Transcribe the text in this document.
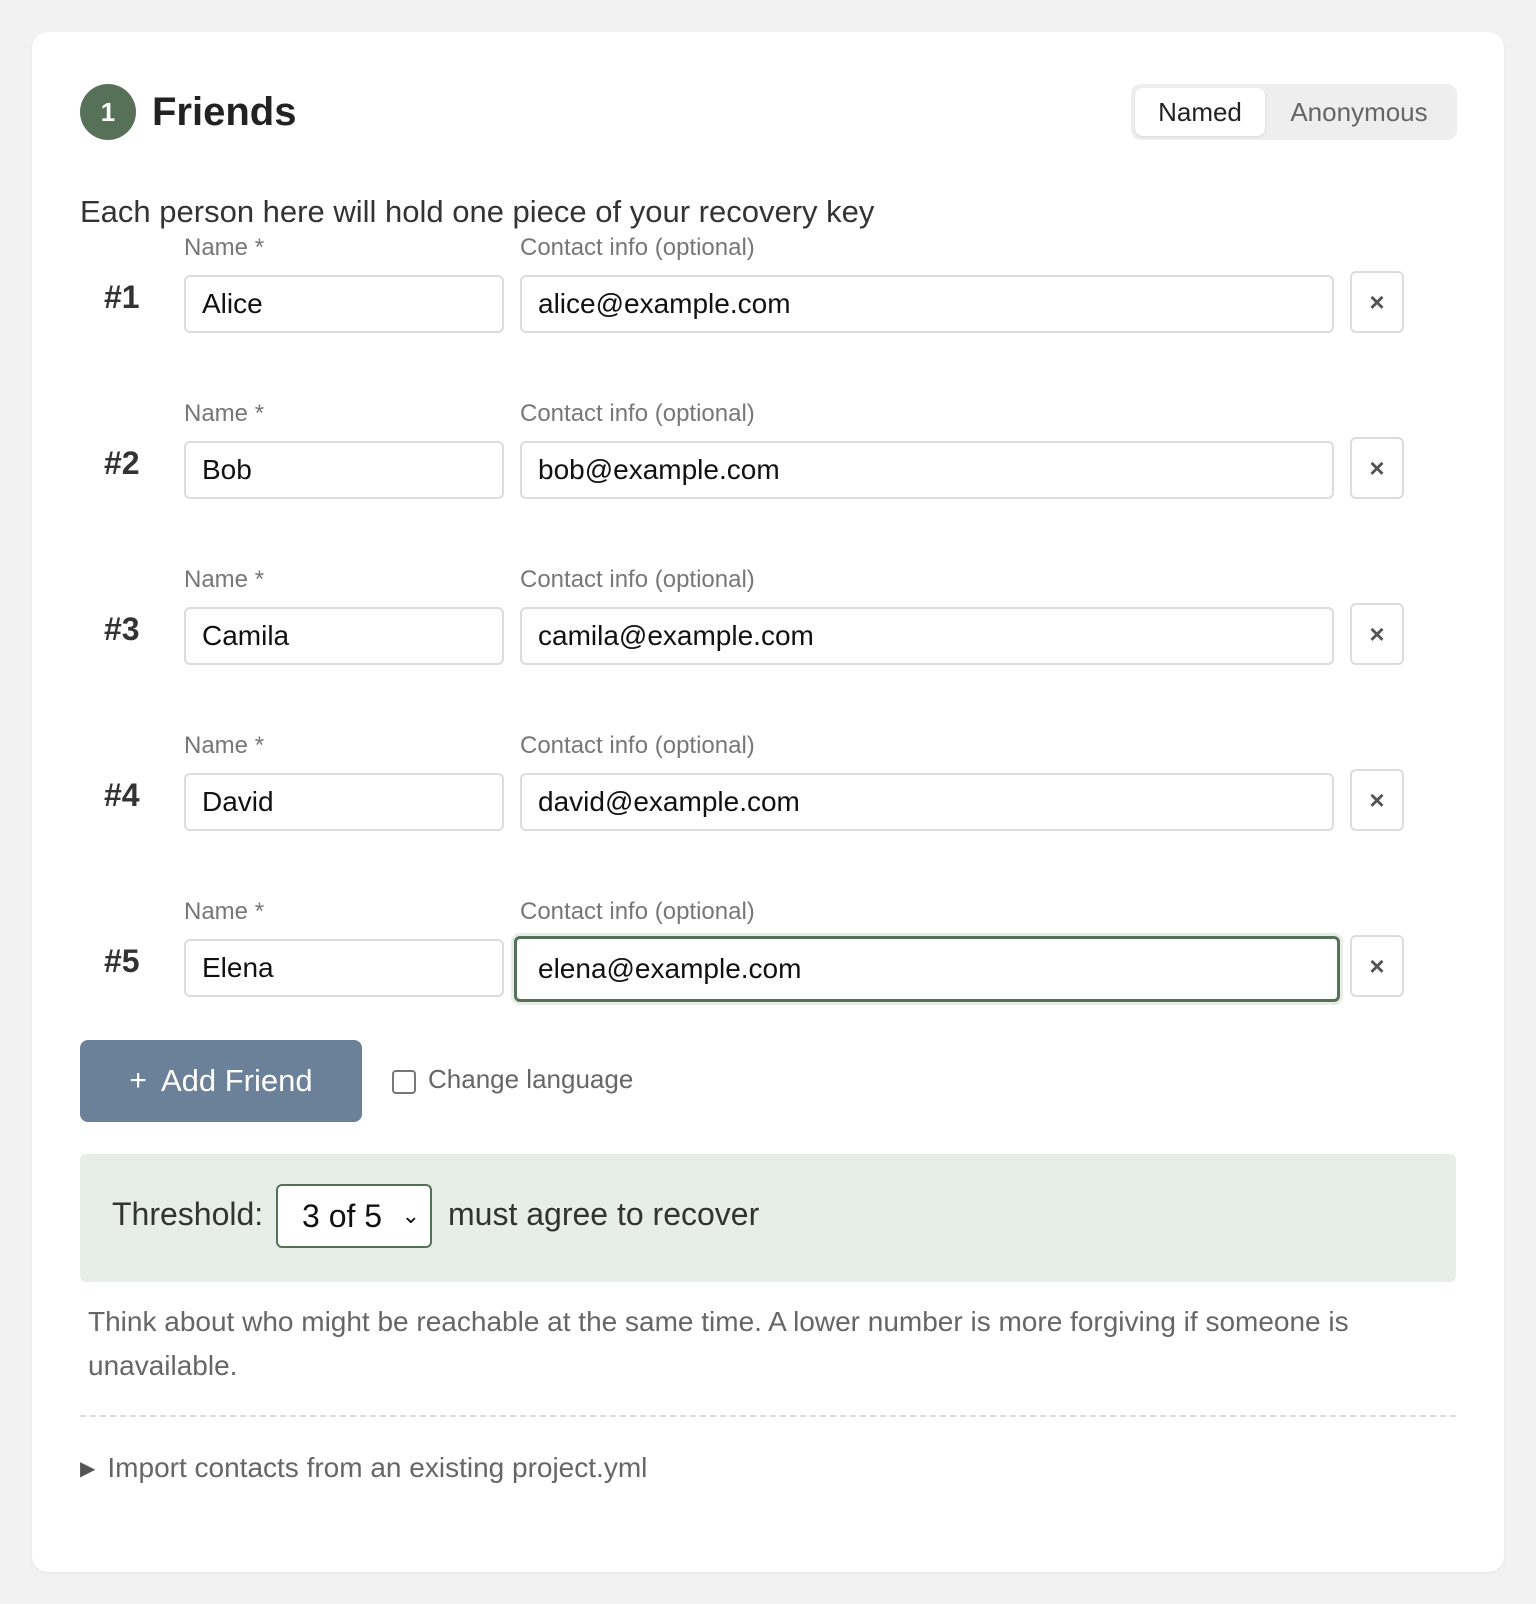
1 Friends	Named	Anonymous
Each person here will hold one piece of your recovery key
#1
Name *	Contact info (optional)
Alice	alice@example.com	×
#2
Name *	Contact info (optional)
Bob	bob@example.com	×
#3
Name *	Contact info (optional)
Camila	camila@example.com	×
#4
Name *	Contact info (optional)
David	david@example.com	×
#5
Name *	Contact info (optional)
Elena	elena@example.com	×
+ Add Friend	Change language
Threshold:	3 of 5 ⌄ must agree to recover
Think about who might be reachable at the same time. A lower number is more forgiving if someone is unavailable.
▶ Import contacts from an existing project.yml
